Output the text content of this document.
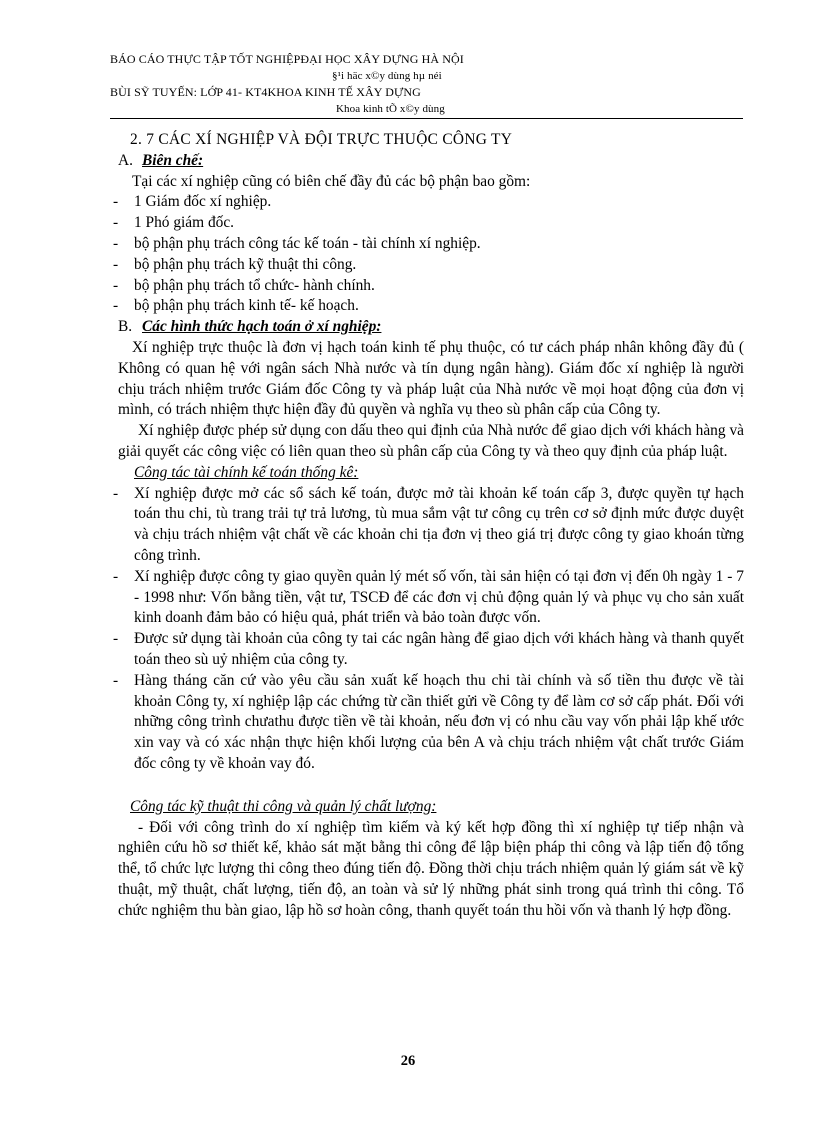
BÁO CÁO THỰC TẬP TỐT NGHIỆPĐẠI HỌC XÂY DỰNG HÀ NỘI
§¹i häc x©y dùng hµ néi
BÙI SỸ TUYẾN: LỚP 41- KT4KHOA KINH TẾ XÂY DỰNG
Khoa kinh tÕ x©y dùng
2. 7 CÁC XÍ NGHIỆP VÀ ĐỘI TRỰC THUỘC CÔNG TY
A. Biên chế:
Tại các xí nghiệp cũng có biên chế đầy đủ các bộ phận bao gồm:
- 1 Giám đốc xí nghiệp.
- 1 Phó giám đốc.
- bộ phận phụ trách công tác kế toán - tài chính xí nghiệp.
- bộ phận phụ trách kỹ thuật thi công.
- bộ phận phụ trách tổ chức- hành chính.
- bộ phận phụ trách kinh tế- kế hoạch.
B. Các hình thức hạch toán ở xí nghiệp:
Xí nghiệp trực thuộc là đơn vị hạch toán kinh tế phụ thuộc, có tư cách pháp nhân không đầy đủ ( Không có quan hệ với ngân sách Nhà nước và tín dụng ngân hàng). Giám đốc xí nghiệp là người chịu trách nhiệm trước Giám đốc Công ty và pháp luật của Nhà nước về mọi hoạt động của đơn vị mình, có trách nhiệm thực hiện đầy đủ quyền và nghĩa vụ theo sù phân cấp của Công ty.
Xí nghiệp được phép sử dụng con dấu theo qui định của Nhà nước để giao dịch với khách hàng và giải quyết các công việc có liên quan theo sù phân cấp của Công ty và theo quy định của pháp luật.
Công tác tài chính kế toán thống kê:
- Xí nghiệp được mở các sổ sách kế toán, được mở tài khoản kế toán cấp 3, được quyền tự hạch toán thu chi, tù trang trải tự trả lương, tù mua sắm vật tư công cụ trên cơ sở định mức được duyệt và chịu trách nhiệm vật chất về các khoản chi tịa đơn vị theo giá trị được công ty giao khoán từng công trình.
- Xí nghiệp được công ty giao quyền quản lý mét số vốn, tài sản hiện có tại đơn vị đến 0h ngày 1 - 7 - 1998 như: Vốn bằng tiền, vật tư, TSCĐ để các đơn vị chủ động quản lý và phục vụ cho sản xuất kinh doanh đảm bảo có hiệu quả, phát triển và bảo toàn được vốn.
- Được sử dụng tài khoản của công ty tai các ngân hàng để giao dịch với khách hàng và thanh quyết toán theo sù uỷ nhiệm của công ty.
- Hàng tháng căn cứ vào yêu cầu sản xuất kế hoạch thu chi tài chính và số tiền thu được về tài khoản Công ty, xí nghiệp lập các chứng từ cần thiết gửi về Công ty để làm cơ sở cấp phát. Đối với những công trình chưathu được tiền về tài khoản, nếu đơn vị có nhu cầu vay vốn phải lập khế ước xin vay và có xác nhận thực hiện khối lượng của bên A và chịu trách nhiệm vật chất trước Giám đốc công ty về khoản vay đó.
Công tác kỹ thuật thi công và quản lý chất lượng:
- Đối với công trình do xí nghiệp tìm kiếm và ký kết hợp đồng thì xí nghiệp tự tiếp nhận và nghiên cứu hồ sơ thiết kế, khảo sát mặt bằng thi công để lập biện pháp thi công và lập tiến độ tổng thể, tổ chức lực lượng thi công theo đúng tiến độ. Đồng thời chịu trách nhiệm quản lý giám sát về kỹ thuật, mỹ thuật, chất lượng, tiến độ, an toàn và sử lý những phát sinh trong quá trình thi công. Tổ chức nghiệm thu bàn giao, lập hồ sơ hoàn công, thanh quyết toán thu hồi vốn và thanh lý hợp đồng.
26
